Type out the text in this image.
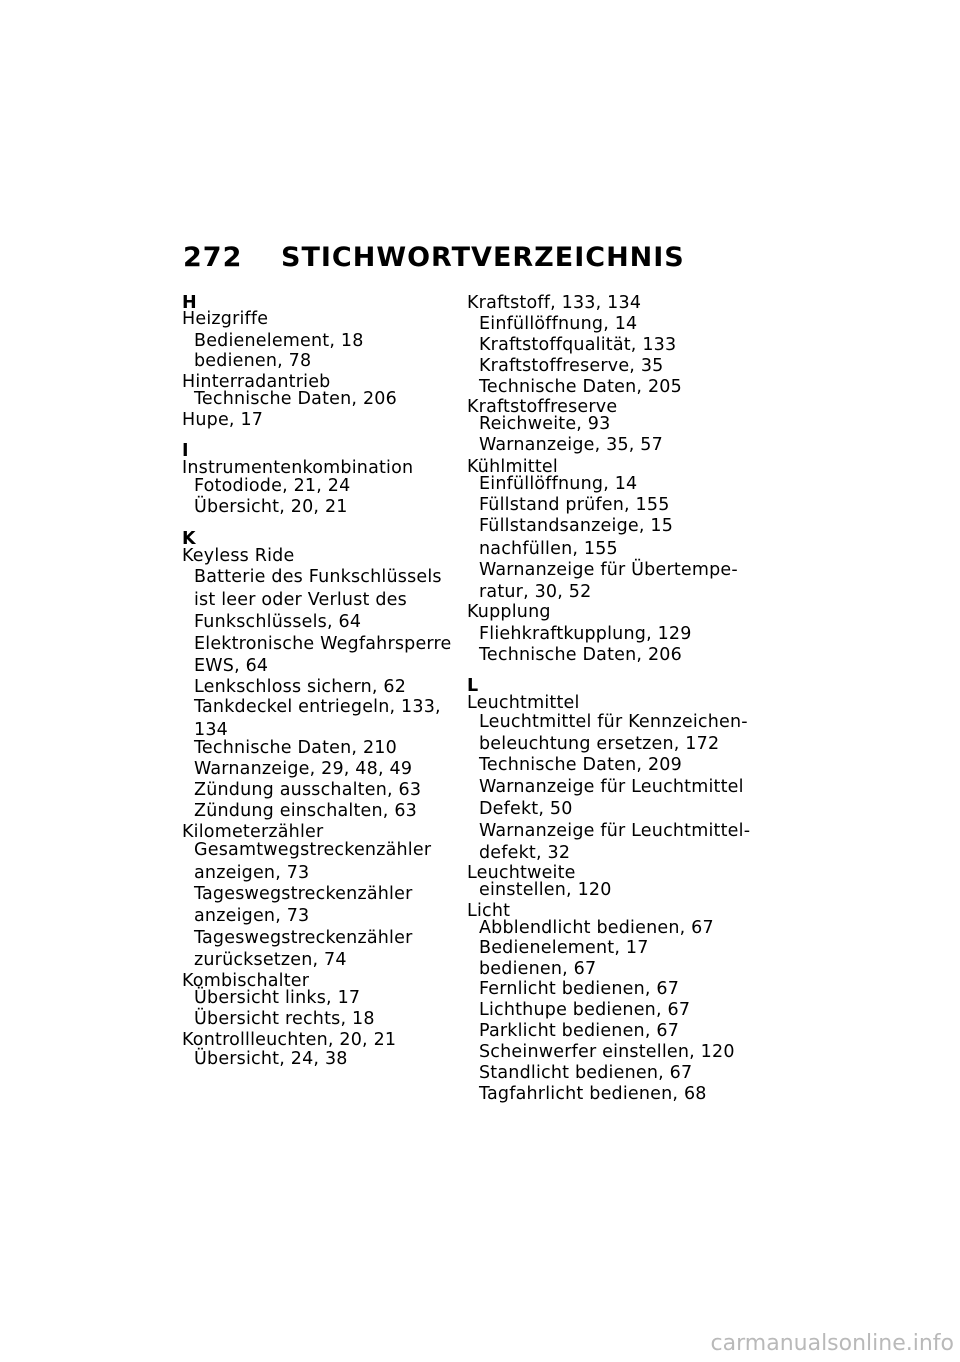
272	STICHWORTVERZEICHNIS
H
Heizgriffe
Bedienelement, 18
bedienen, 78
Hinterradantrieb
Technische Daten, 206
Hupe, 17
I
Instrumentenkombination
Fotodiode, 21, 24
Übersicht, 20, 21
K
Keyless Ride
Batterie des Funkschlüssels
ist leer oder Verlust des
Funkschlüssels, 64
Elektronische Wegfahrsperre
EWS, 64
Lenkschloss sichern, 62
Tankdeckel entriegeln, 133,
134
Technische Daten, 210
Warnanzeige, 29, 48, 49
Zündung ausschalten, 63
Zündung einschalten, 63
Kilometerzähler
Gesamtwegstreckenzähler
anzeigen, 73
Tageswegstreckenzähler
anzeigen, 73
Tageswegstreckenzähler
zurücksetzen, 74
Kombischalter
Übersicht links, 17
Übersicht rechts, 18
Kontrollleuchten, 20, 21
Übersicht, 24, 38
Kraftstoff, 133, 134
Einfüllöffnung, 14
Kraftstoffqualität, 133
Kraftstoffreserve, 35
Technische Daten, 205
Kraftstoffreserve
Reichweite, 93
Warnanzeige, 35, 57
Kühlmittel
Einfüllöffnung, 14
Füllstand prüfen, 155
Füllstandsanzeige, 15
nachfüllen, 155
Warnanzeige für Übertempe-
ratur, 30, 52
Kupplung
Fliehkraftkupplung, 129
Technische Daten, 206
L
Leuchtmittel
Leuchtmittel für Kennzeichen-
beleuchtung ersetzen, 172
Technische Daten, 209
Warnanzeige für Leuchtmittel
Defekt, 50
Warnanzeige für Leuchtmittel-
defekt, 32
Leuchtweite
einstellen, 120
Licht
Abblendlicht bedienen, 67
Bedienelement, 17
bedienen, 67
Fernlicht bedienen, 67
Lichthupe bedienen, 67
Parklicht bedienen, 67
Scheinwerfer einstellen, 120
Standlicht bedienen, 67
Tagfahrlicht bedienen, 68
carmanualsonline.info
